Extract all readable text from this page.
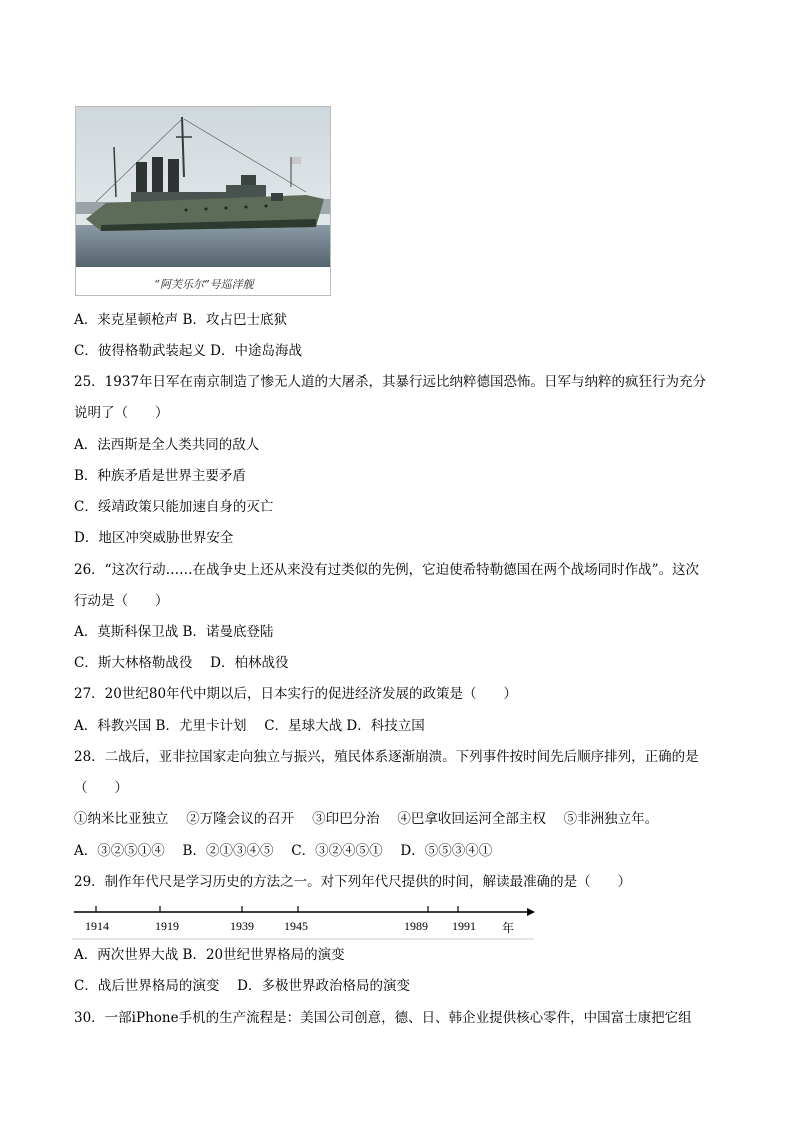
“阿芙乐尔”号巡洋舰
A．来克星顿枪声 B．攻占巴士底狱
C．彼得格勒武装起义 D．中途岛海战
25．1937年日军在南京制造了惨无人道的大屠杀，其暴行远比纳粹德国恐怖。日军与纳粹的疯狂行为充分
说明了（　　）
A．法西斯是全人类共同的敌人
B．种族矛盾是世界主要矛盾
C．绥靖政策只能加速自身的灭亡
D．地区冲突威胁世界安全
26．“这次行动……在战争史上还从来没有过类似的先例，它迫使希特勒德国在两个战场同时作战”。这次
行动是（　　）
A．莫斯科保卫战 B．诺曼底登陆
C．斯大林格勒战役　 D．柏林战役
27．20世纪80年代中期以后，日本实行的促进经济发展的政策是（　　）
A．科教兴国 B．尤里卡计划　 C．星球大战 D．科技立国
28．二战后，亚非拉国家走向独立与振兴，殖民体系逐渐崩溃。下列事件按时间先后顺序排列，正确的是
（　　）
①纳米比亚独立　 ②万隆会议的召开　 ③印巴分治　 ④巴拿收回运河全部主权　 ⑤非洲独立年。
A．③②⑤①④　 B．②①③④⑤　 C．③②④⑤①　 D．⑤⑤③④①
29．制作年代尺是学习历史的方法之一。对下列年代尺提供的时间，解读最准确的是（　　）
1914	1919	1939	1945	1989 1991 年
A．两次世界大战 B．20世纪世界格局的演变
C．战后世界格局的演变　 D．多极世界政治格局的演变
30．一部iPhone手机的生产流程是：美国公司创意，德、日、韩企业提供核心零件，中国富士康把它组
